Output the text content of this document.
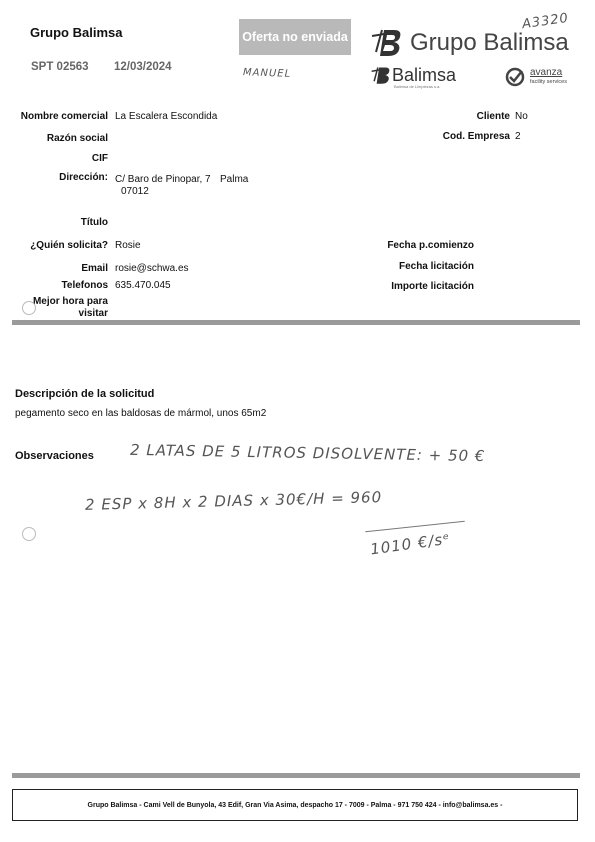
Grupo Balimsa
SPT 02563 12/03/2024
Oferta no enviada
MANUEL
A3320
Grupo Balimsa
Balimsa
Balimsa de Limpiezas s.a.
avanza
facility services
Nombre comercial
Razón social
CIF
Dirección:
Título
¿Quién solicita?
Email
Telefonos
Mejor hora para
visitar
La Escalera Escondida
C/ Baro de Pinopar, 7 Palma
07012
Rosie
rosie@schwa.es
635.470.045
Cliente No
Cod. Empresa 2
Fecha p.comienzo
Fecha licitación
Importe licitación
Descripción de la solicitud
pegamento seco en las baldosas de mármol, unos 65m2
Observaciones 2 LATAS DE 5 LITROS DISOLVENTE: + 50 €
2 ESP x 8H x 2 DIAS x 30€/H = 960
1010 €/sᵉ
Grupo Balimsa - Cami Vell de Bunyola, 43 Edif, Gran Via Asima, despacho 17 - 7009 - Palma - 971 750 424 - info@balimsa.es -
